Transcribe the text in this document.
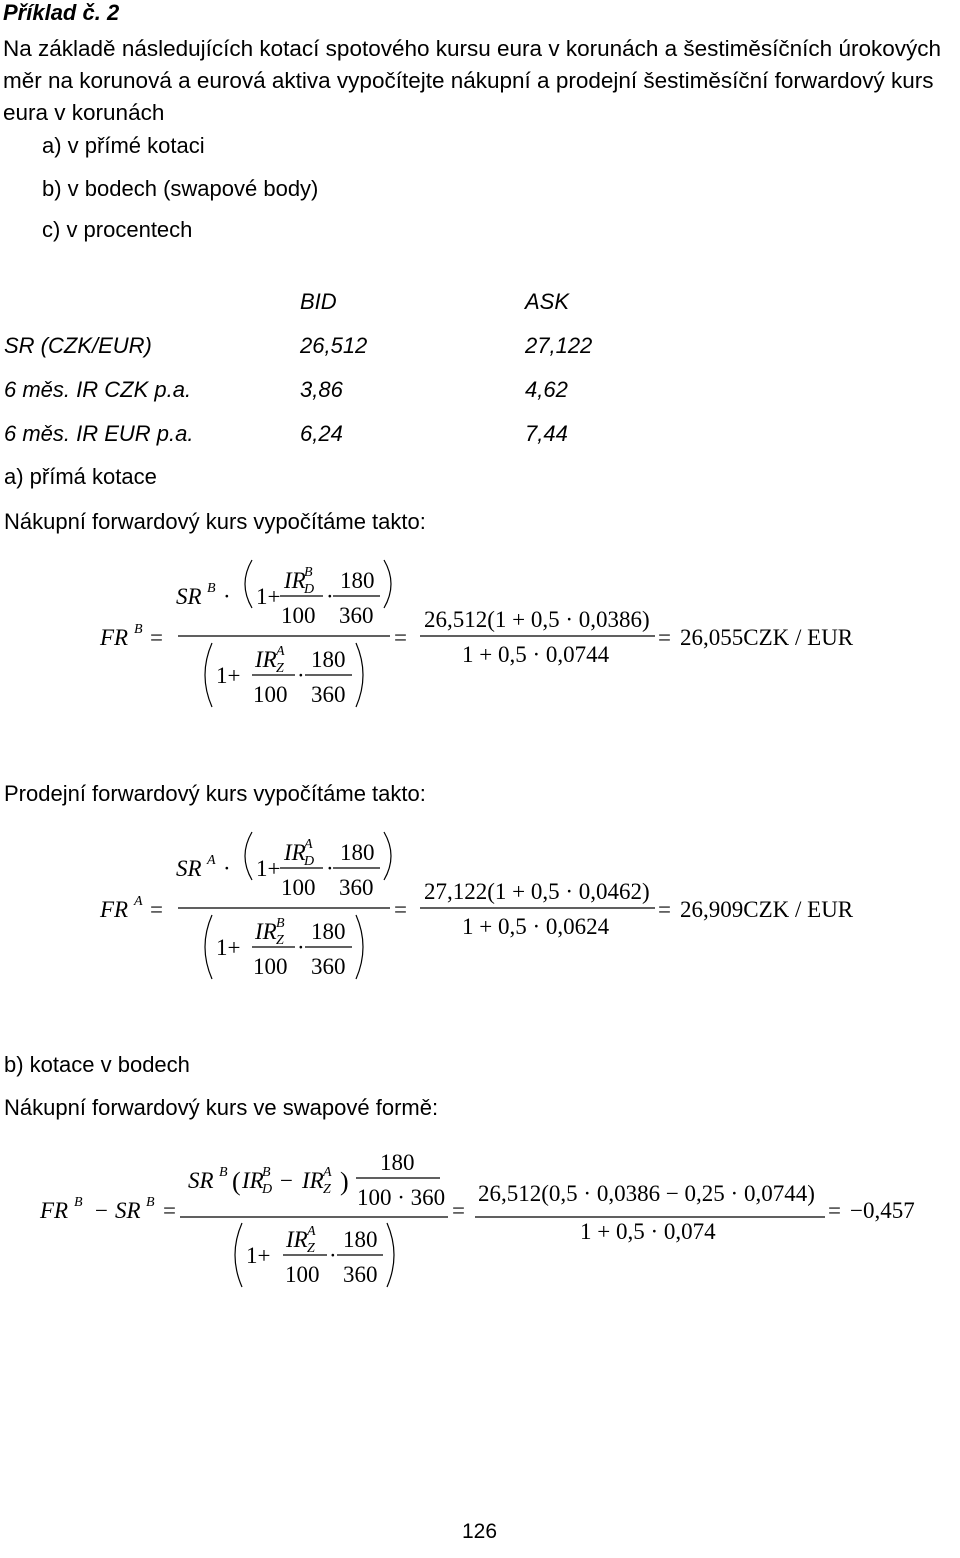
Příklad č. 2
Na základě následujících kotací spotového kursu eura v korunách a šestiměsíčních úrokových měr na korunová a eurová aktiva vypočítejte nákupní a prodejní šestiměsíční forwardový kurs eura v korunách
a) v přímé kotaci
b) v bodech (swapové body)
c) v procentech
BID	ASK
SR (CZK/EUR)	26,512	27,122
6 měs. IR CZK p.a.	3,86	4,62
6 měs. IR EUR p.a.	6,24	7,44
a) přímá kotace
Nákupní forwardový kurs vypočítáme takto:
FR B =
SR B · 1+
IR
B
D ·
180
100 360
1+
IR A
Z ·
180
100 360
=
26,512(1 + 0,5 · 0,0386)
1 + 0,5 · 0,0744
= 26,055CZK / EUR
Prodejní forwardový kurs vypočítáme takto:
FR A =
SR A · 1+
IR
A
D ·
180
100 360
1+
IR B
Z ·
180
100 360
=
27,122(1 + 0,5 · 0,0462)
1 + 0,5 · 0,0624
= 26,909CZK / EUR
b) kotace v bodech
Nákupní forwardový kurs ve swapové formě:
FR B − SR B =
SR B ( IR
B
D − IR A
Z )
180
100 · 360
1+
IR A
Z ·
180
100 360
=
26,512(0,5 · 0,0386 − 0,25 · 0,0744)
1 + 0,5 · 0,074
= −0,457
126
